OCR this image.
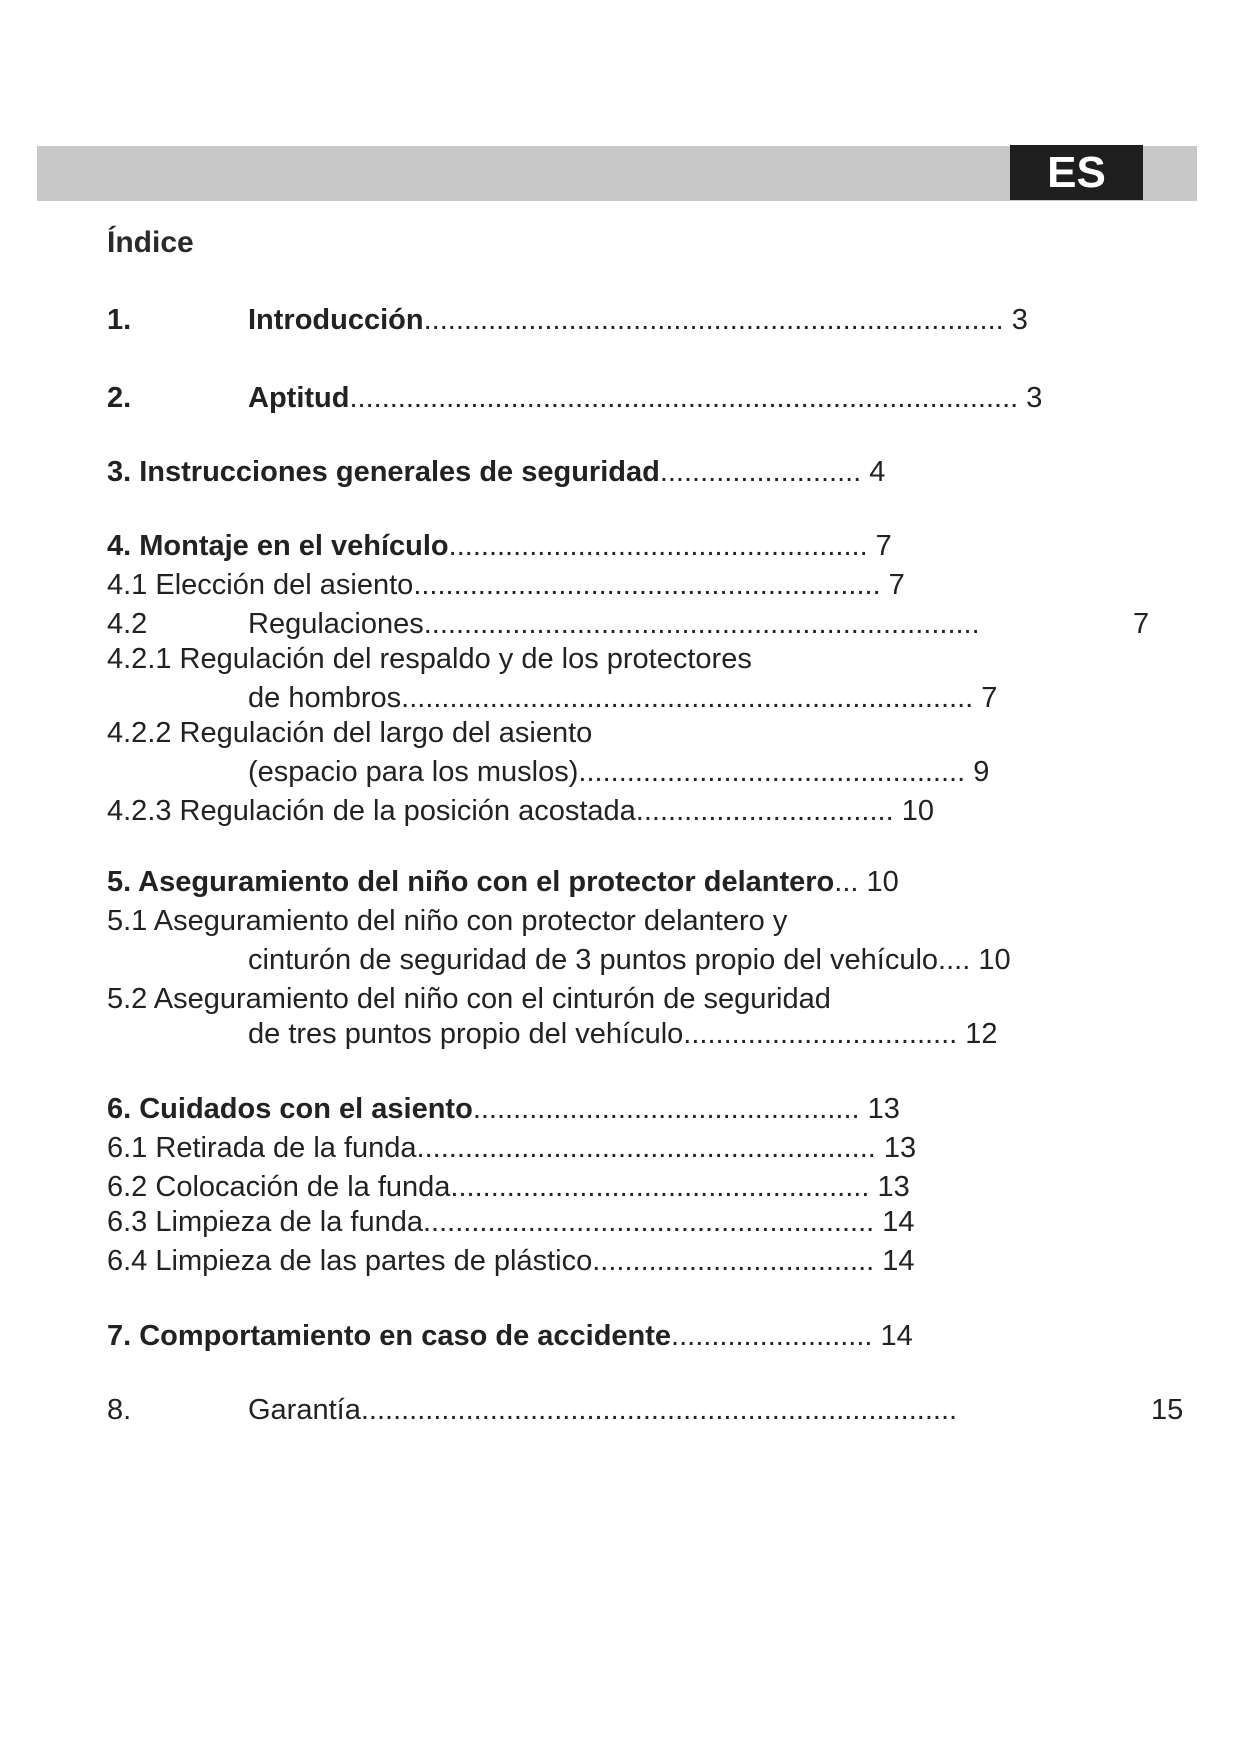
ES
Índice
1.	Introducción........................................................................ 3
2.	Aptitud................................................................................... 3
3. Instrucciones generales de seguridad......................... 4
4. Montaje en el vehículo.................................................... 7
4.1 Elección del asiento.......................................................... 7
4.2	Regulaciones.....................................................................	7
4.2.1 Regulación del respaldo y de los protectores
de hombros....................................................................... 7
4.2.2 Regulación del largo del asiento
(espacio para los muslos)................................................ 9
4.2.3 Regulación de la posición acostada................................ 10
5. Aseguramiento del niño con el protector delantero... 10
5.1 Aseguramiento del niño con protector delantero y
cinturón de seguridad de 3 puntos propio del vehículo.... 10
5.2 Aseguramiento del niño con el cinturón de seguridad
de tres puntos propio del vehículo.................................. 12
6. Cuidados con el asiento................................................ 13
6.1 Retirada de la funda......................................................... 13
6.2 Colocación de la funda.................................................... 13
6.3 Limpieza de la funda........................................................ 14
6.4 Limpieza de las partes de plástico................................... 14
7. Comportamiento en caso de accidente......................... 14
8.	Garantía..........................................................................	15
